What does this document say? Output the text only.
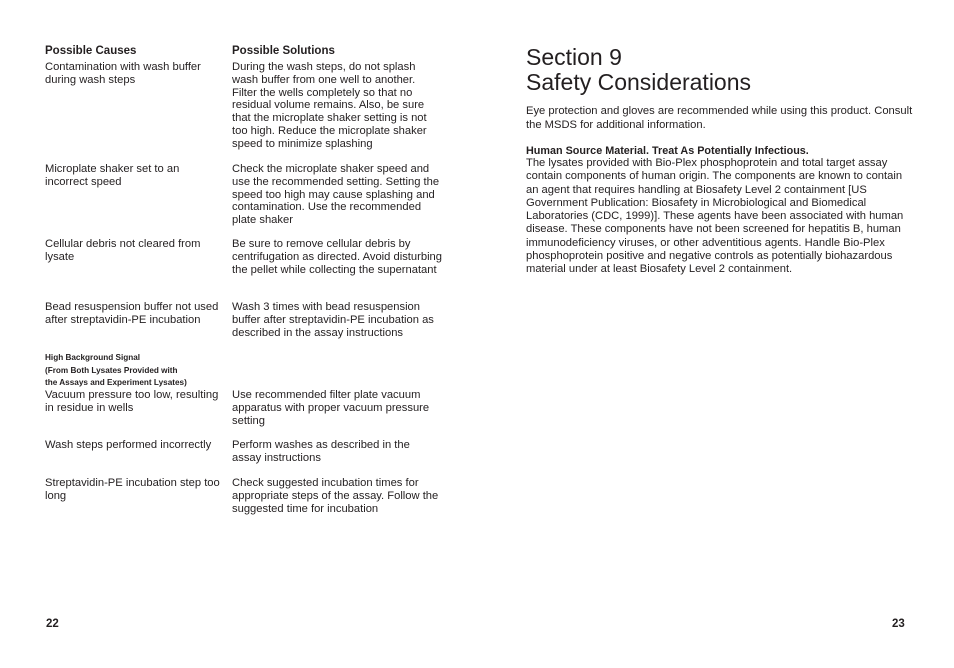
Possible Causes	Possible Solutions

Contamination with wash buffer during wash steps

During the wash steps, do not splash wash buffer from one well to another. Filter the wells completely so that no residual volume remains. Also, be sure that the microplate shaker setting is not too high. Reduce the microplate shaker speed to minimize splashing

Microplate shaker set to an incorrect speed

Check the microplate shaker speed and use the recommended setting. Setting the speed too high may cause splashing and contamination. Use the recommended plate shaker

Cellular debris not cleared from lysate

Be sure to remove cellular debris by centrifugation as directed. Avoid disturbing the pellet while collecting the supernatant

Bead resuspension buffer not used after streptavidin-PE incubation

Wash 3 times with bead resuspension buffer after streptavidin-PE incubation as described in the assay instructions

High Background Signal
(From Both Lysates Provided with
the Assays and Experiment Lysates)

Vacuum pressure too low, resulting in residue in wells

Use recommended filter plate vacuum apparatus with proper vacuum pressure setting

Wash steps performed incorrectly	Perform washes as described in the assay instructions

Streptavidin-PE incubation step too long

Check suggested incubation times for appropriate steps of the assay. Follow the suggested time for incubation

22
Section 9
Safety Considerations

Eye protection and gloves are recommended while using this product. Consult the MSDS for additional information.

Human Source Material. Treat As Potentially Infectious.

The lysates provided with Bio-Plex phosphoprotein and total target assay contain components of human origin. The components are known to contain an agent that requires handling at Biosafety Level 2 containment [US Government Publication: Biosafety in Microbiological and Biomedical Laboratories (CDC, 1999)]. These agents have been associated with human disease. These components have not been screened for hepatitis B, human immunodeficiency viruses, or other adventitious agents. Handle Bio-Plex phosphoprotein positive and negative controls as potentially biohazardous material under at least Biosafety Level 2 containment.

23
